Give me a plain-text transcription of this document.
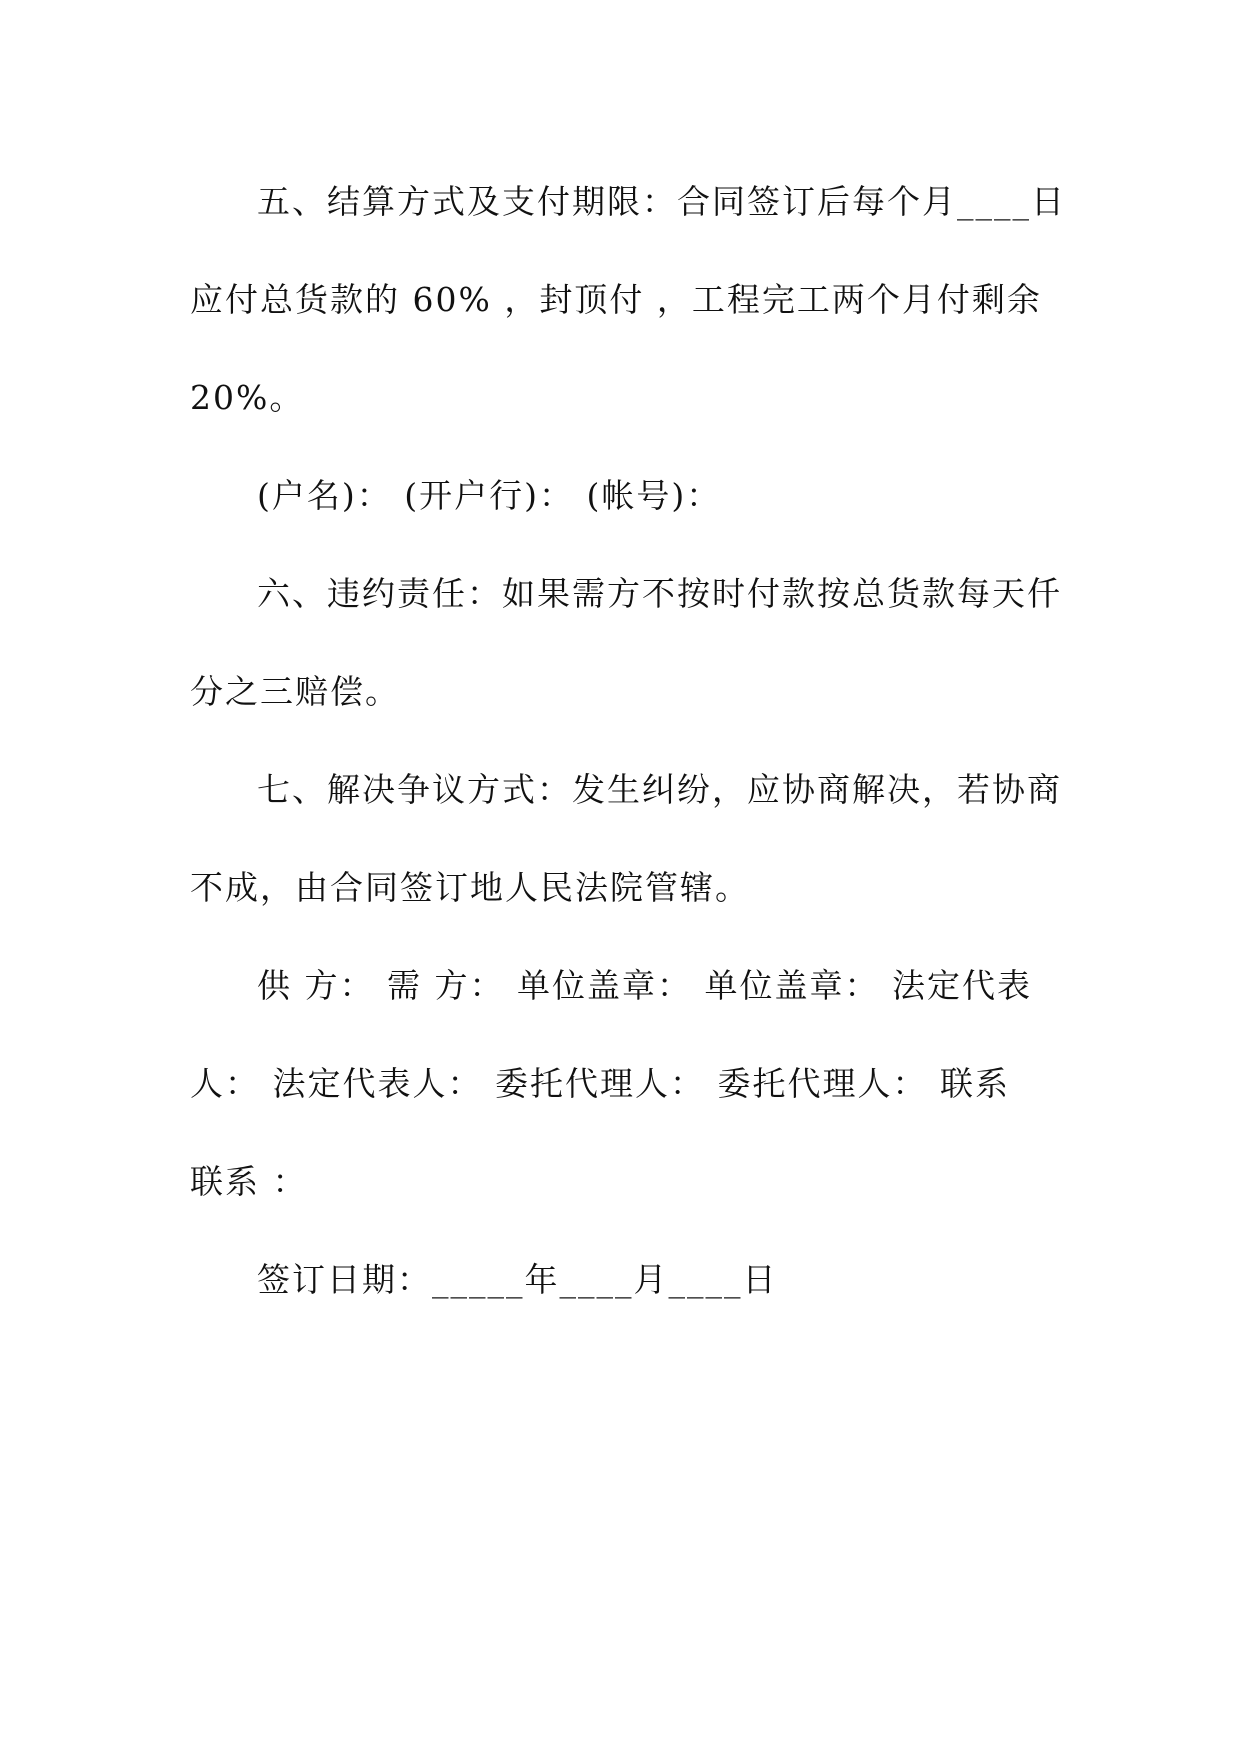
五、结算方式及支付期限：合同签订后每个月____日
应付总货款的 60% ，封顶付 ，工程完工两个月付剩余
20%。
(户名)： (开户行)： (帐号)：
六、违约责任：如果需方不按时付款按总货款每天仟
分之三赔偿。
七、解决争议方式：发生纠纷，应协商解决，若协商
不成，由合同签订地人民法院管辖。
供 方： 需 方： 单位盖章： 单位盖章： 法定代表
人： 法定代表人： 委托代理人： 委托代理人： 联系
联系 ：
签订日期：_____年____月____日
